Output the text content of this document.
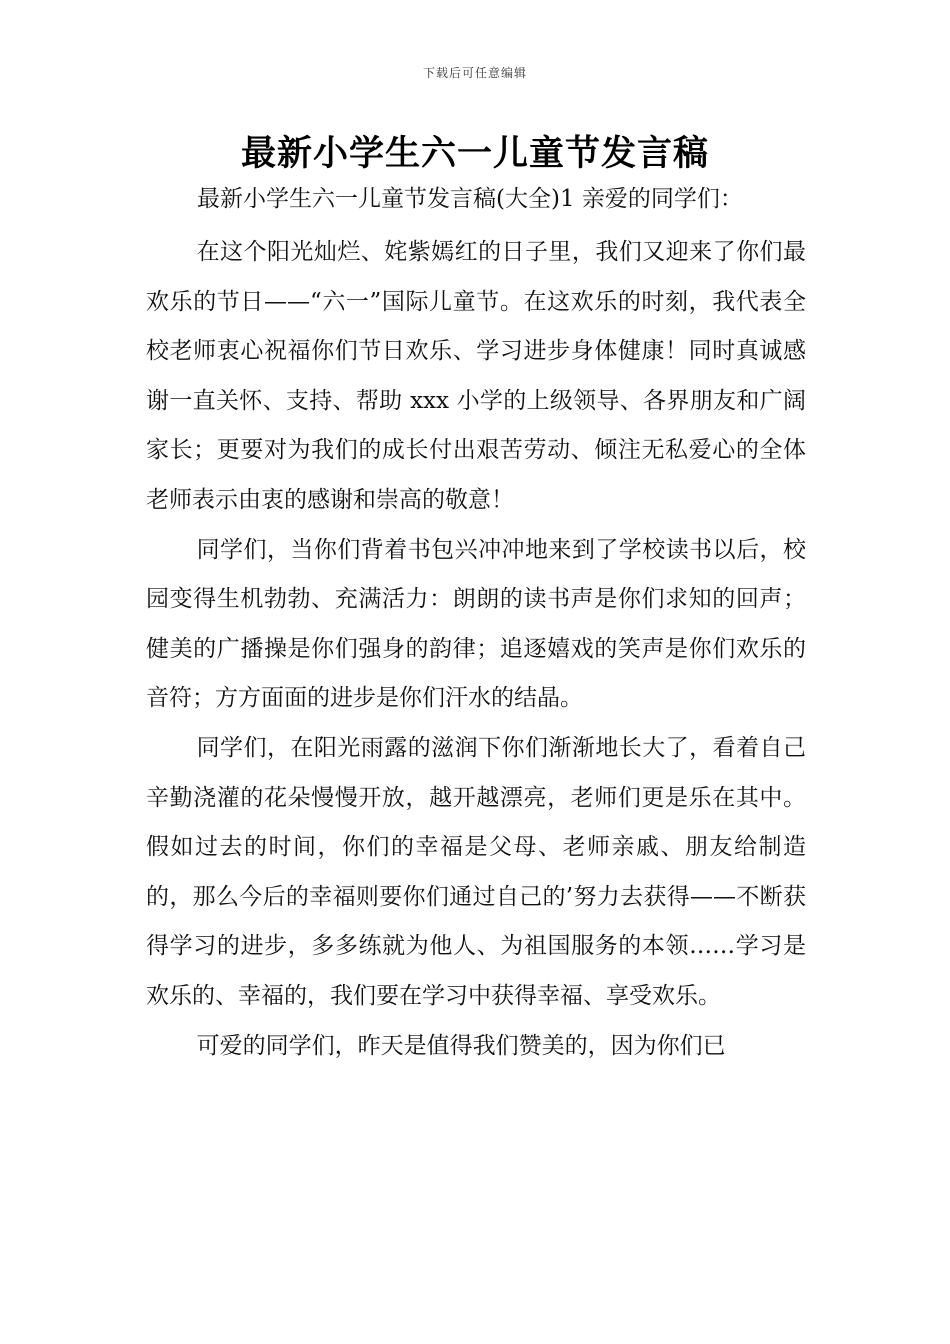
下载后可任意编辑
最新小学生六一儿童节发言稿
最新小学生六一儿童节发言稿(大全)1 亲爱的同学们：

在这个阳光灿烂、姹紫嫣红的日子里，我们又迎来了你们最欢乐的节日——“六一”国际儿童节。在这欢乐的时刻，我代表全校老师衷心祝福你们节日欢乐、学习进步身体健康！同时真诚感谢一直关怀、支持、帮助 xxx 小学的上级领导、各界朋友和广阔家长；更要对为我们的成长付出艰苦劳动、倾注无私爱心的全体老师表示由衷的感谢和崇高的敬意！

同学们，当你们背着书包兴冲冲地来到了学校读书以后，校园变得生机勃勃、充满活力：朗朗的读书声是你们求知的回声；健美的广播操是你们强身的韵律；追逐嬉戏的笑声是你们欢乐的音符；方方面面的进步是你们汗水的结晶。

同学们，在阳光雨露的滋润下你们渐渐地长大了，看着自己辛勤浇灌的花朵慢慢开放，越开越漂亮，老师们更是乐在其中。假如过去的时间，你们的幸福是父母、老师亲戚、朋友给制造的，那么今后的幸福则要你们通过自己的’努力去获得——不断获得学习的进步，多多练就为他人、为祖国服务的本领……学习是欢乐的、幸福的，我们要在学习中获得幸福、享受欢乐。

可爱的同学们，昨天是值得我们赞美的，因为你们已
